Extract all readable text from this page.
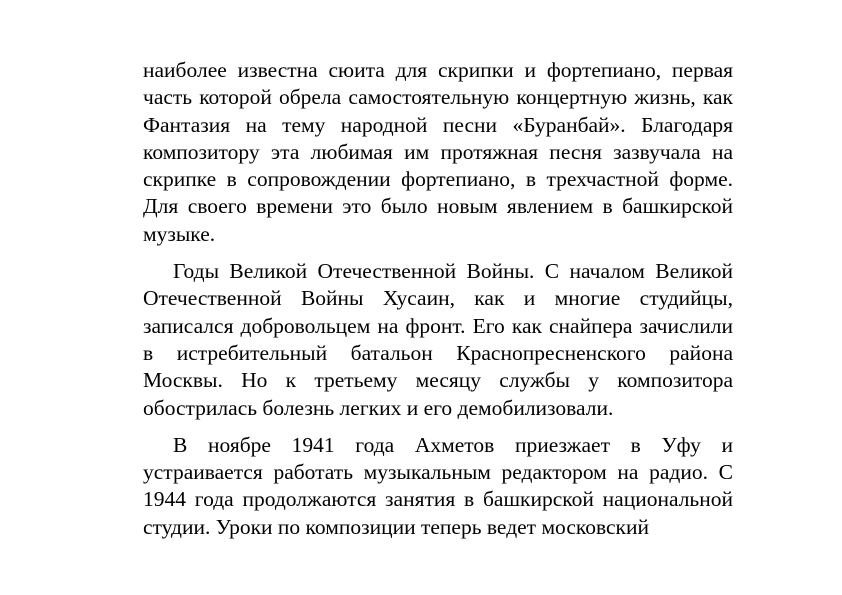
наиболее известна сюита для скрипки и фортепиано, первая часть которой обрела самостоятельную концертную жизнь, как Фантазия на тему народной песни «Буранбай». Благодаря композитору эта любимая им протяжная песня зазвучала на скрипке в сопровождении фортепиано, в трехчастной форме. Для своего времени это было новым явлением в башкирской музыке.

Годы Великой Отечественной Войны. С началом Великой Отечественной Войны Хусаин, как и многие студийцы, записался добровольцем на фронт. Его как снайпера зачислили в истребительный батальон Краснопресненского района Москвы. Но к третьему месяцу службы у композитора обострилась болезнь легких и его демобилизовали.

В ноябре 1941 года Ахметов приезжает в Уфу и устраивается работать музыкальным редактором на радио. С 1944 года продолжаются занятия в башкирской национальной студии. Уроки по композиции теперь ведет московский
